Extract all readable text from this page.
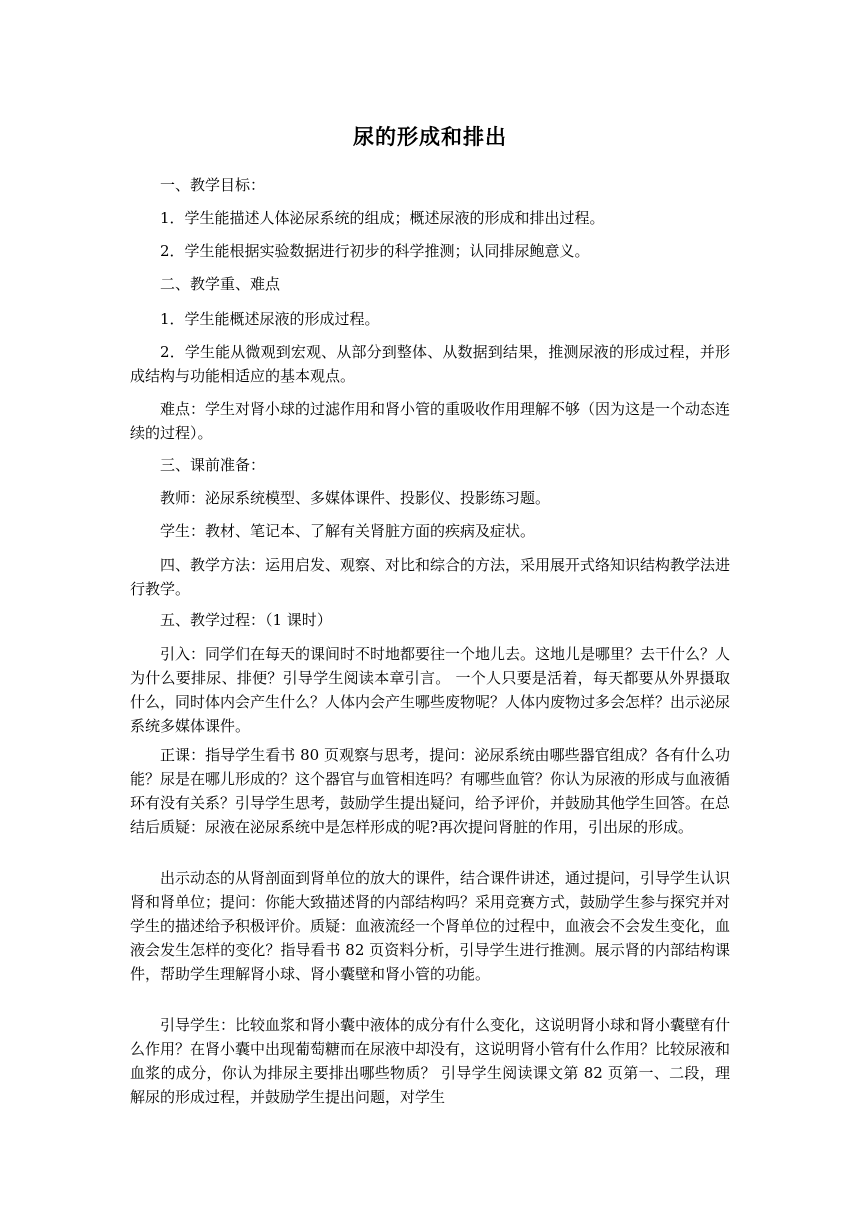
尿的形成和排出

一、教学目标：

1．学生能描述人体泌尿系统的组成；概述尿液的形成和排出过程。

2．学生能根据实验数据进行初步的科学推测；认同排尿鲍意义。

二、教学重、难点

1．学生能概述尿液的形成过程。

2．学生能从微观到宏观、从部分到整体、从数据到结果，推测尿液的形成过程，并形成结构与功能相适应的基本观点。

难点：学生对肾小球的过滤作用和肾小管的重吸收作用理解不够（因为这是一个动态连续的过程）。

三、课前准备：

教师：泌尿系统模型、多媒体课件、投影仪、投影练习题。

学生：教材、笔记本、了解有关肾脏方面的疾病及症状。

四、教学方法：运用启发、观察、对比和综合的方法，采用展开式络知识结构教学法进行教学。

五、教学过程：（1 课时）

引入：同学们在每天的课间时不时地都要往一个地儿去。这地儿是哪里？去干什么？人为什么要排尿、排便？引导学生阅读本章引言。 一个人只要是活着，每天都要从外界摄取什么，同时体内会产生什么？人体内会产生哪些废物呢？人体内废物过多会怎样？出示泌尿系统多媒体课件。

正课：指导学生看书 80 页观察与思考，提问：泌尿系统由哪些器官组成？各有什么功能？尿是在哪儿形成的？这个器官与血管相连吗？有哪些血管？你认为尿液的形成与血液循环有没有关系？引导学生思考，鼓励学生提出疑问，给予评价，并鼓励其他学生回答。在总结后质疑：尿液在泌尿系统中是怎样形成的呢?再次提问肾脏的作用，引出尿的形成。

出示动态的从肾剖面到肾单位的放大的课件，结合课件讲述，通过提问，引导学生认识肾和肾单位；提问：你能大致描述肾的内部结构吗？采用竞赛方式，鼓励学生参与探究并对学生的描述给予积极评价。质疑：血液流经一个肾单位的过程中，血液会不会发生变化，血液会发生怎样的变化？指导看书 82 页资料分析，引导学生进行推测。展示肾的内部结构课件，帮助学生理解肾小球、肾小囊壁和肾小管的功能。

引导学生：比较血浆和肾小囊中液体的成分有什么变化，这说明肾小球和肾小囊壁有什么作用？在肾小囊中出现葡萄糖而在尿液中却没有，这说明肾小管有什么作用？比较尿液和血浆的成分，你认为排尿主要排出哪些物质？ 引导学生阅读课文第 82 页第一、二段，理解尿的形成过程，并鼓励学生提出问题，对学生
